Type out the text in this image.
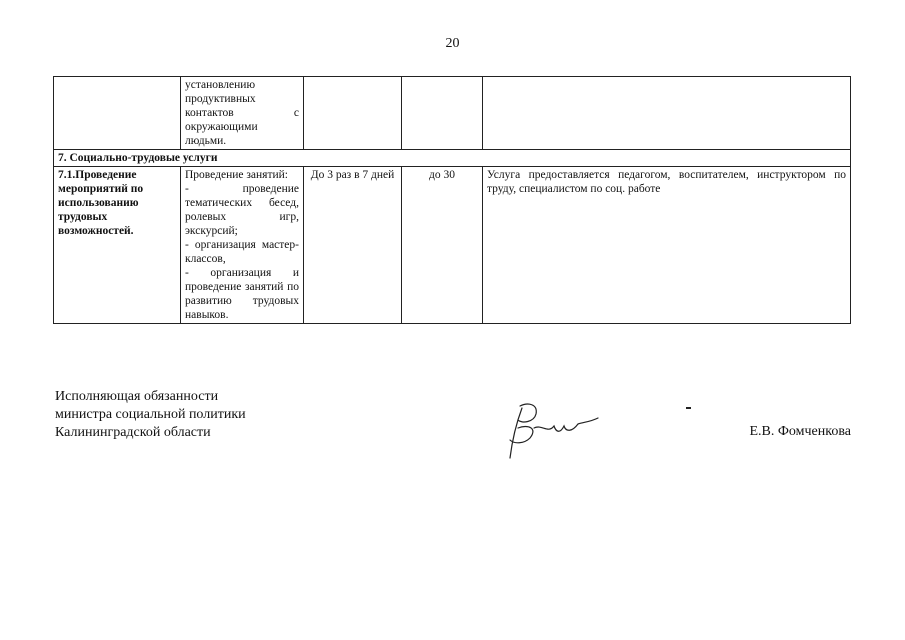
20

	установлению
продуктивных
контактов с
окружающими
людьми.			

7. Социально-трудовые услуги				
7.1.Проведение мероприятий по использованию трудовых возможностей.	Проведение занятий:
- проведение тематических бесед, ролевых игр, экскурсий;
- организация мастер-классов,
- организация и проведение занятий по развитию трудовых навыков.	До 3 раз в 7 дней	до 30	Услуга предоставляется педагогом, воспитателем, инструктором по труду, специалистом по соц. работе
Исполняющая обязанности
министра социальной политики
Калининградской области	Е.В. Фомченкова
